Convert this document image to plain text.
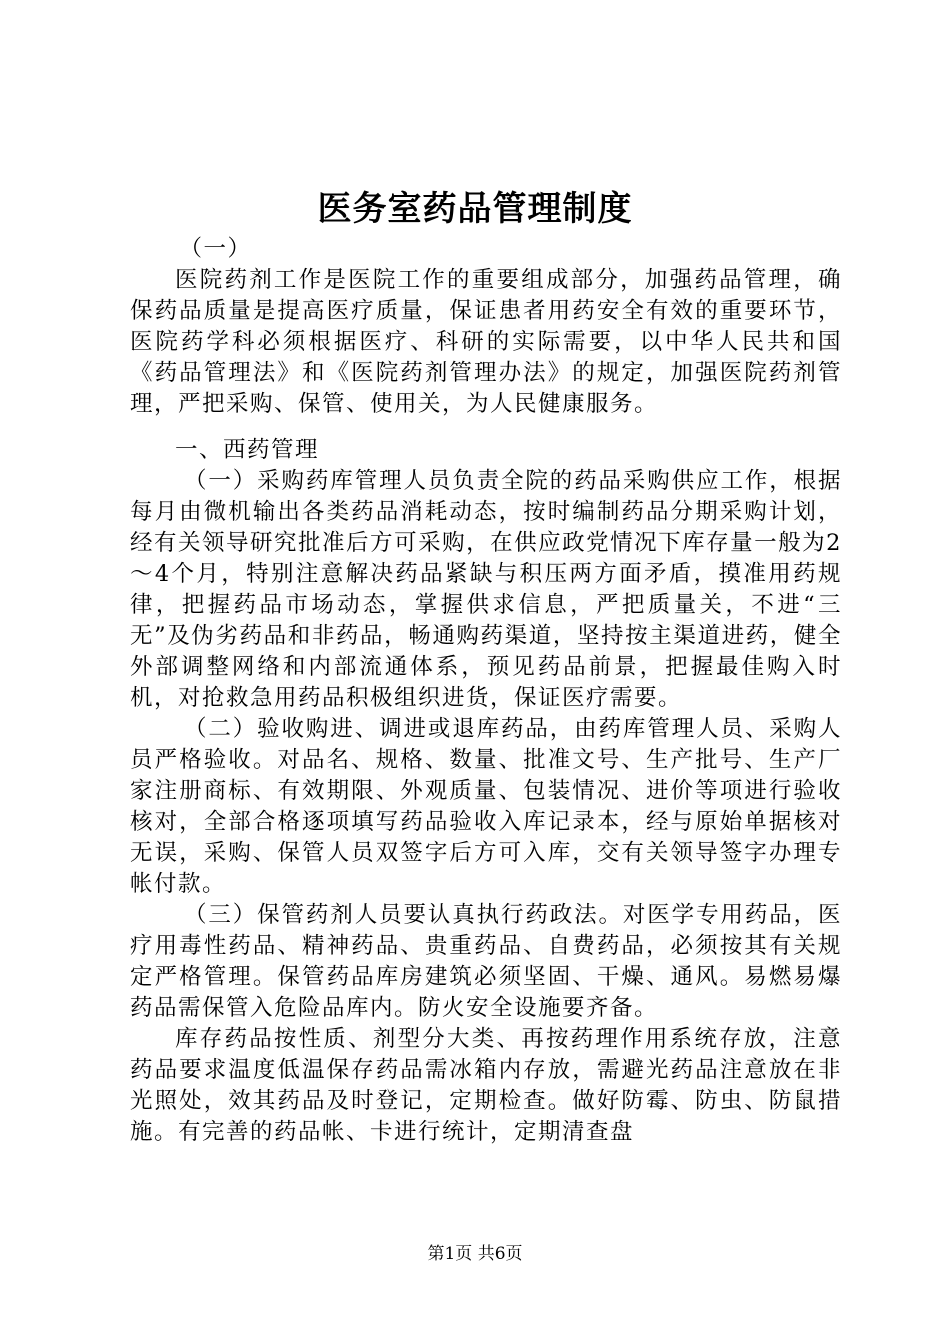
医务室药品管理制度

（一）

医院药剂工作是医院工作的重要组成部分，加强药品管理，确保药品质量是提高医疗质量，保证患者用药安全有效的重要环节，医院药学科必须根据医疗、科研的实际需要，以中华人民共和国《药品管理法》和《医院药剂管理办法》的规定，加强医院药剂管理，严把采购、保管、使用关，为人民健康服务。

一、西药管理

（一）采购药库管理人员负责全院的药品采购供应工作，根据每月由微机输出各类药品消耗动态，按时编制药品分期采购计划，经有关领导研究批准后方可采购，在供应政党情况下库存量一般为2～4个月，特别注意解决药品紧缺与积压两方面矛盾，摸准用药规律，把握药品市场动态，掌握供求信息，严把质量关，不进“三无”及伪劣药品和非药品，畅通购药渠道，坚持按主渠道进药，健全外部调整网络和内部流通体系，预见药品前景，把握最佳购入时机，对抢救急用药品积极组织进货，保证医疗需要。

（二）验收购进、调进或退库药品，由药库管理人员、采购人员严格验收。对品名、规格、数量、批准文号、生产批号、生产厂家注册商标、有效期限、外观质量、包装情况、进价等项进行验收核对，全部合格逐项填写药品验收入库记录本，经与原始单据核对无误，采购、保管人员双签字后方可入库，交有关领导签字办理专帐付款。

（三）保管药剂人员要认真执行药政法。对医学专用药品，医疗用毒性药品、精神药品、贵重药品、自费药品，必须按其有关规定严格管理。保管药品库房建筑必须坚固、干燥、通风。易燃易爆药品需保管入危险品库内。防火安全设施要齐备。

库存药品按性质、剂型分大类、再按药理作用系统存放，注意药品要求温度低温保存药品需冰箱内存放，需避光药品注意放在非光照处，效其药品及时登记，定期检查。做好防霉、防虫、防鼠措施。有完善的药品帐、卡进行统计，定期清查盘

第1页 共6页
